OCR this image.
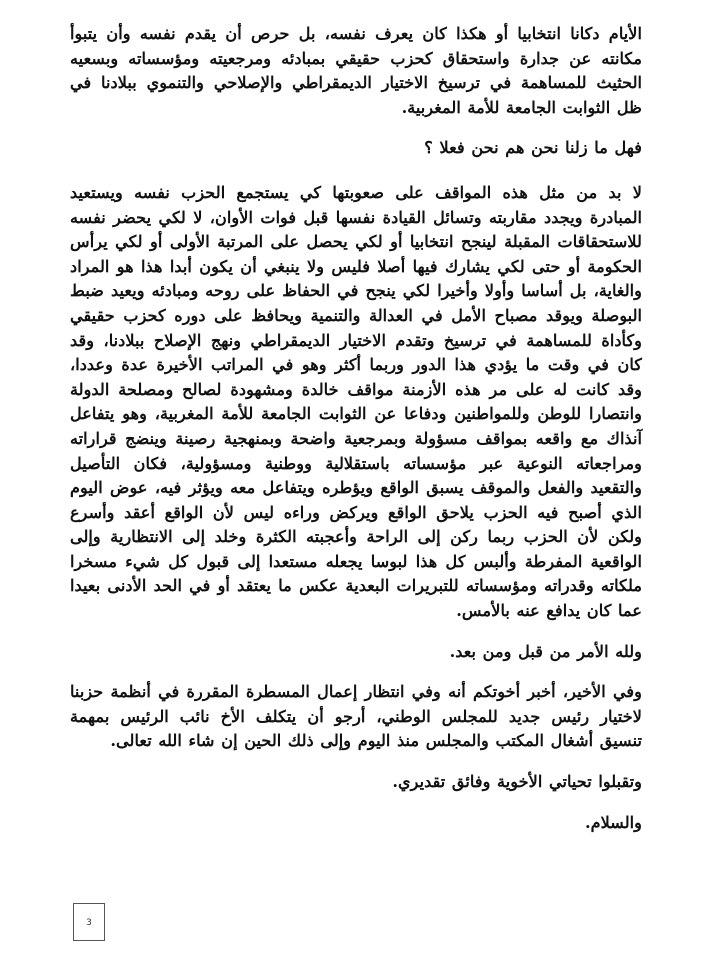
الأيام دكانا انتخابيا أو هكذا كان يعرف نفسه، بل حرص أن يقدم نفسه وأن يتبوأ مكانته عن جدارة واستحقاق كحزب حقيقي بمبادئه ومرجعيته ومؤسساته وبسعيه الحثيث للمساهمة في ترسيخ الاختيار الديمقراطي والإصلاحي والتنموي ببلادنا في ظل الثوابت الجامعة للأمة المغربية.

فهل ما زلنا نحن هم نحن فعلا ؟

لا بد من مثل هذه المواقف على صعوبتها كي يستجمع الحزب نفسه ويستعيد المبادرة ويجدد مقاربته وتسائل القيادة نفسها قبل فوات الأوان، لا لكي يحضر نفسه للاستحقاقات المقبلة لينجح انتخابيا أو لكي يحصل على المرتبة الأولى أو لكي يرأس الحكومة أو حتى لكي يشارك فيها أصلا فليس ولا ينبغي أن يكون أبدا هذا هو المراد والغاية، بل أساسا وأولا وأخيرا لكي ينجح في الحفاظ على روحه ومبادئه ويعيد ضبط البوصلة ويوقد مصباح الأمل في العدالة والتنمية ويحافظ على دوره كحزب حقيقي وكأداة للمساهمة في ترسيخ وتقدم الاختيار الديمقراطي ونهج الإصلاح ببلادنا، وقد كان في وقت ما يؤدي هذا الدور وربما أكثر وهو في المراتب الأخيرة عدة وعددا، وقد كانت له على مر هذه الأزمنة مواقف خالدة ومشهودة لصالح ومصلحة الدولة وانتصارا للوطن وللمواطنين ودفاعا عن الثوابت الجامعة للأمة المغربية، وهو يتفاعل آنذاك مع واقعه بمواقف مسؤولة وبمرجعية واضحة وبمنهجية رصينة وينضج قراراته ومراجعاته النوعية عبر مؤسساته باستقلالية ووطنية ومسؤولية، فكان التأصيل والتقعيد والفعل والموقف يسبق الواقع ويؤطره ويتفاعل معه ويؤثر فيه، عوض اليوم الذي أصبح فيه الحزب يلاحق الواقع ويركض وراءه ليس لأن الواقع أعقد وأسرع ولكن لأن الحزب ربما ركن إلى الراحة وأعجبته الكثرة وخلد إلى الانتظارية وإلى الواقعية المفرطة وألبس كل هذا لبوسا يجعله مستعدا إلى قبول كل شيء مسخرا ملكاته وقدراته ومؤسساته للتبريرات البعدية عكس ما يعتقد أو في الحد الأدنى بعيدا عما كان يدافع عنه بالأمس.

ولله الأمر من قبل ومن بعد.

وفي الأخير، أخبر أخوتكم أنه وفي انتظار إعمال المسطرة المقررة في أنظمة حزبنا لاختيار رئيس جديد للمجلس الوطني، أرجو أن يتكلف الأخ نائب الرئيس بمهمة تنسيق أشغال المكتب والمجلس منذ اليوم وإلى ذلك الحين إن شاء الله تعالى.

وتقبلوا تحياتي الأخوية وفائق تقديري.

والسلام.

3
